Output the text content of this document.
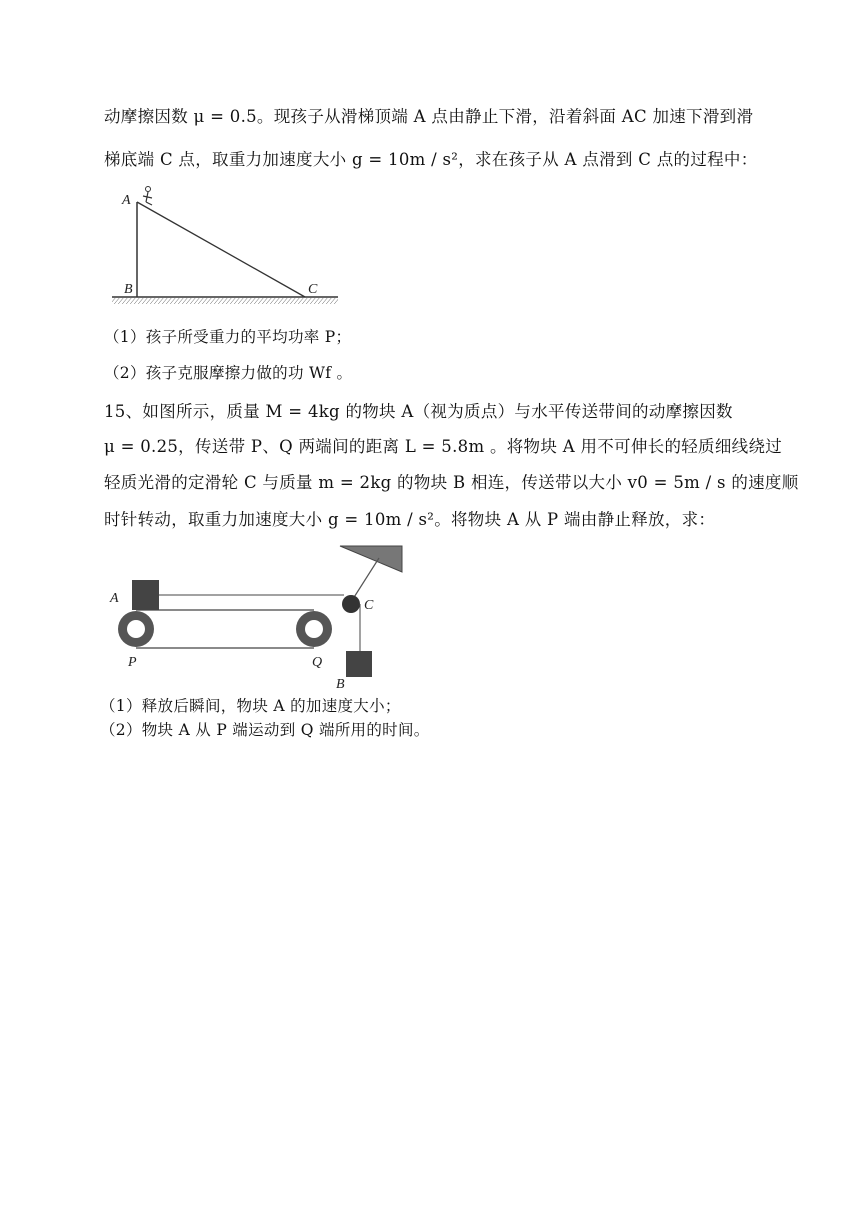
动摩擦因数 μ = 0.5。现孩子从滑梯顶端 A 点由静止下滑，沿着斜面 AC 加速下滑到滑
梯底端 C 点，取重力加速度大小 g = 10m / s²，求在孩子从 A 点滑到 C 点的过程中：
A
B	C
（1）孩子所受重力的平均功率 P；
（2）孩子克服摩擦力做的功 Wf 。
15、如图所示，质量 M = 4kg 的物块 A（视为质点）与水平传送带间的动摩擦因数
μ = 0.25，传送带 P、Q 两端间的距离 L = 5.8m 。将物块 A 用不可伸长的轻质细线绕过
轻质光滑的定滑轮 C 与质量 m = 2kg 的物块 B 相连，传送带以大小 v0 = 5m / s 的速度顺
时针转动，取重力加速度大小 g = 10m / s²。将物块 A 从 P 端由静止释放，求：
A	C
P	Q
B
（1）释放后瞬间，物块 A 的加速度大小；
（2）物块 A 从 P 端运动到 Q 端所用的时间。
